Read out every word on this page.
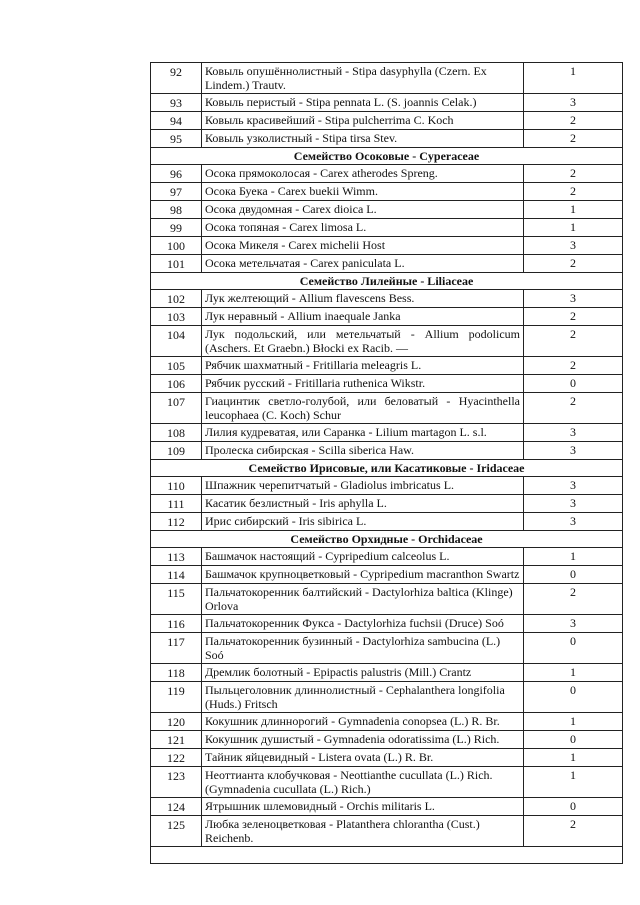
92	Ковыль опушённолистный - Stipa dasyphylla (Czern. Ex Lindem.) Trautv.	1
93	Ковыль перистый - Stipa pennata L. (S. joannis Celak.)	3
94	Ковыль красивейший - Stipa pulcherrima C. Koch	2
95	Ковыль узколистный - Stipa tirsa Stev.	2
Семейство Осоковые - Cyperaceae		
96	Осока прямоколосая - Carex atherodes Spreng.	2
97	Осока Буека - Carex buekii Wimm.	2
98	Осока двудомная - Carex dioica L.	1
99	Осока топяная - Carex limosa L.	1
100	Осока Микеля - Carex michelii Host	3
101	Осока метельчатая - Carex paniculata L.	2
Семейство Лилейные - Liliaceae		
102	Лук желтеющий - Allium flavescens Bess.	3
103	Лук неравный - Allium inaequale Janka	2
104	Лук подольский, или метельчатый - Allium podolicum (Aschers. Et Graebn.) Błocki ex Racib. —	2
105	Рябчик шахматный - Fritillaria meleagris L.	2
106	Рябчик русский - Fritillaria ruthenica Wikstr.	0
107	Гиацинтик светло-голубой, или беловатый - Hyacinthella leucophaea (C. Koch) Schur	2
108	Лилия кудреватая, или Саранка - Lilium martagon L. s.l.	3
109	Пролеска сибирская - Scilla siberica Haw.	3
Семейство Ирисовые, или Касатиковые - Iridaceae		
110	Шпажник черепитчатый - Gladiolus imbricatus L.	3
111	Касатик безлистный - Iris aphylla L.	3
112	Ирис сибирский - Iris sibirica L.	3
Семейство Орхидные - Orchidaceae		
113	Башмачок настоящий - Cypripedium calceolus L.	1
114	Башмачок крупноцветковый - Cypripedium macranthon Swartz	0
115	Пальчатокоренник балтийский - Dactylorhiza baltica (Klinge) Orlova	2
116	Пальчатокоренник Фукса - Dactylorhiza fuchsii (Druce) Soó	3
117	Пальчатокоренник бузинный - Dactylorhiza sambucina (L.) Soó	0
118	Дремлик болотный - Epipactis palustris (Mill.) Crantz	1
119	Пыльцеголовник длиннолистный - Cephalanthera longifolia (Huds.) Fritsch	0
120	Кокушник длиннорогий - Gymnadenia conopsea (L.) R. Br.	1
121	Кокушник душистый - Gymnadenia odoratissima (L.) Rich.	0
122	Тайник яйцевидный - Listera ovata (L.) R. Br.	1
123	Неоттианта клобучковая - Neottianthe cucullata (L.) Rich. (Gymnadenia cucullata (L.) Rich.)	1
124	Ятрышник шлемовидный - Orchis militaris L.	0
125	Любка зеленоцветковая - Platanthera chlorantha (Cust.) Reichenb.	2
